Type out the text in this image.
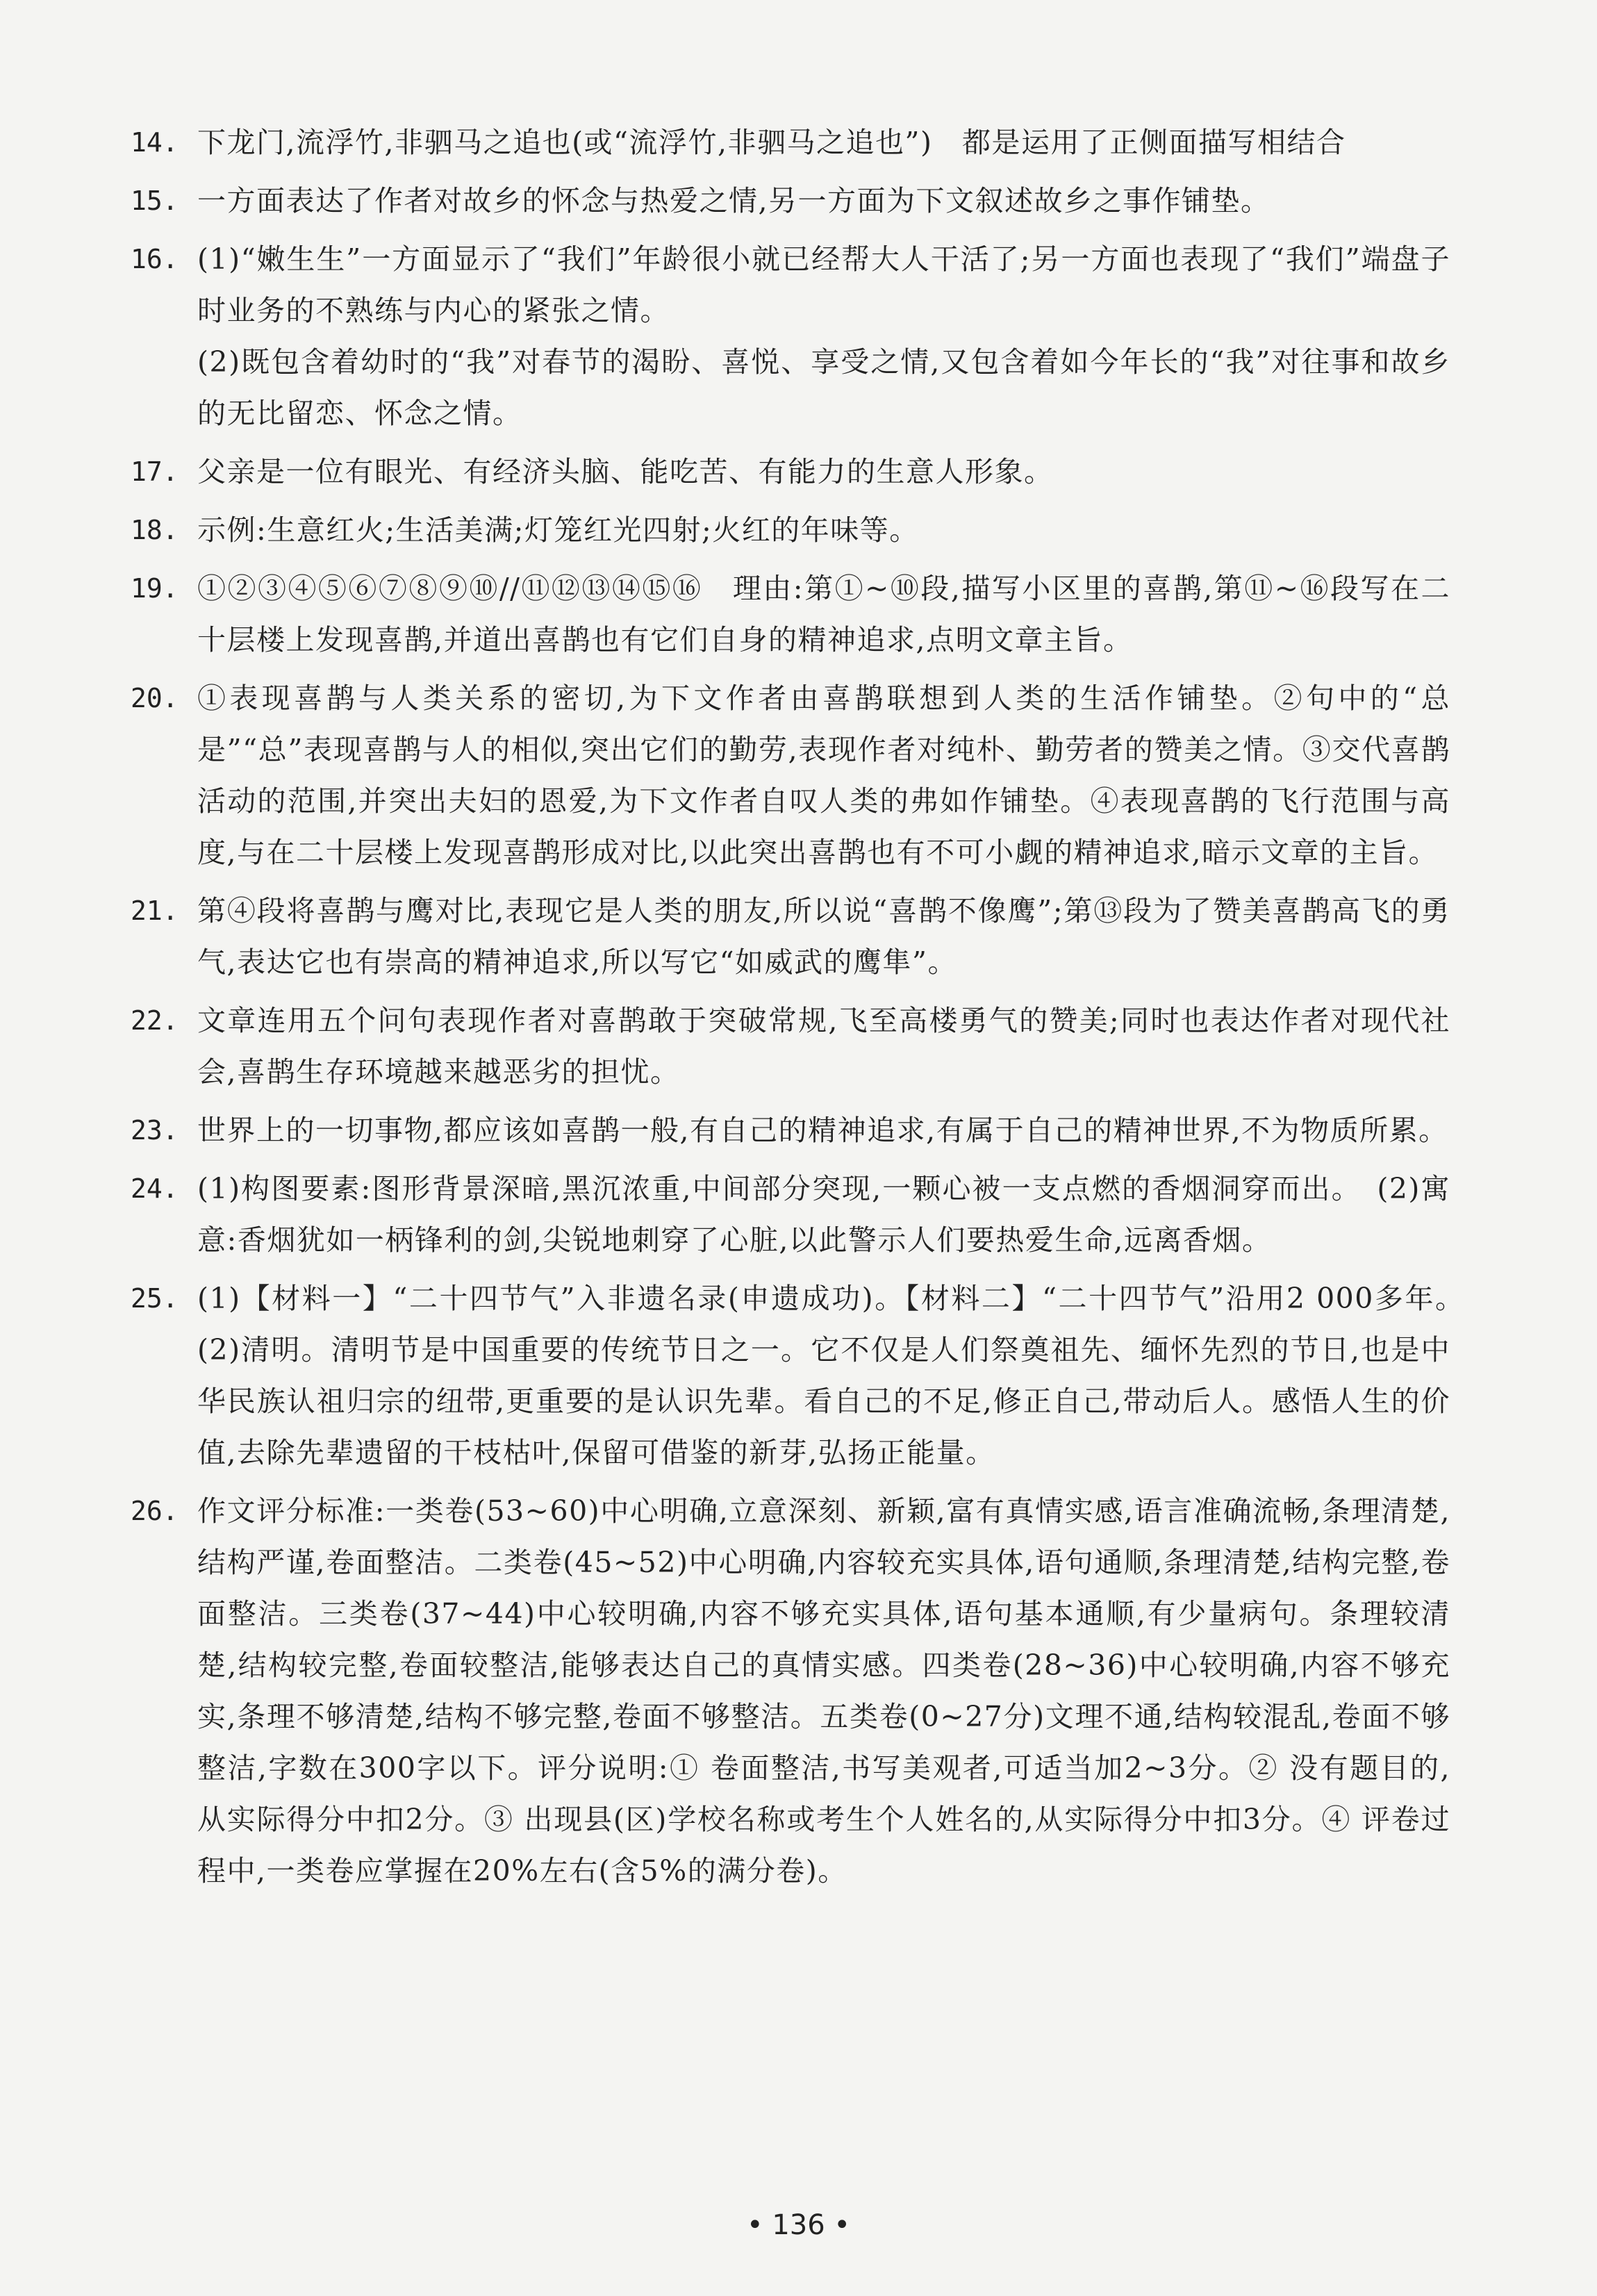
14. 下龙门,流浮竹,非驷马之追也(或“流浮竹,非驷马之追也”)　都是运用了正侧面描写相结合
15. 一方面表达了作者对故乡的怀念与热爱之情,另一方面为下文叙述故乡之事作铺垫。
16. (1)“嫩生生”一方面显示了“我们”年龄很小就已经帮大人干活了;另一方面也表现了“我们”端盘子时业务的不熟练与内心的紧张之情。
(2)既包含着幼时的“我”对春节的渴盼、喜悦、享受之情,又包含着如今年长的“我”对往事和故乡的无比留恋、怀念之情。
17. 父亲是一位有眼光、有经济头脑、能吃苦、有能力的生意人形象。
18. 示例:生意红火;生活美满;灯笼红光四射;火红的年味等。
19. ①②③④⑤⑥⑦⑧⑨⑩//⑪⑫⑬⑭⑮⑯　理由:第①~⑩段,描写小区里的喜鹊,第⑪~⑯段写在二十层楼上发现喜鹊,并道出喜鹊也有它们自身的精神追求,点明文章主旨。
20. ①表现喜鹊与人类关系的密切,为下文作者由喜鹊联想到人类的生活作铺垫。②句中的“总是”“总”表现喜鹊与人的相似,突出它们的勤劳,表现作者对纯朴、勤劳者的赞美之情。③交代喜鹊活动的范围,并突出夫妇的恩爱,为下文作者自叹人类的弗如作铺垫。④表现喜鹊的飞行范围与高度,与在二十层楼上发现喜鹊形成对比,以此突出喜鹊也有不可小觑的精神追求,暗示文章的主旨。
21. 第④段将喜鹊与鹰对比,表现它是人类的朋友,所以说“喜鹊不像鹰”;第⑬段为了赞美喜鹊高飞的勇气,表达它也有崇高的精神追求,所以写它“如威武的鹰隼”。
22. 文章连用五个问句表现作者对喜鹊敢于突破常规,飞至高楼勇气的赞美;同时也表达作者对现代社会,喜鹊生存环境越来越恶劣的担忧。
23. 世界上的一切事物,都应该如喜鹊一般,有自己的精神追求,有属于自己的精神世界,不为物质所累。
24. (1)构图要素:图形背景深暗,黑沉浓重,中间部分突现,一颗心被一支点燃的香烟洞穿而出。　(2)寓意:香烟犹如一柄锋利的剑,尖锐地刺穿了心脏,以此警示人们要热爱生命,远离香烟。
25. (1)【材料一】“二十四节气”入非遗名录(申遗成功)。【材料二】“二十四节气”沿用2 000多年。　(2)清明。清明节是中国重要的传统节日之一。它不仅是人们祭奠祖先、缅怀先烈的节日,也是中华民族认祖归宗的纽带,更重要的是认识先辈。看自己的不足,修正自己,带动后人。感悟人生的价值,去除先辈遗留的干枝枯叶,保留可借鉴的新芽,弘扬正能量。
26. 作文评分标准:一类卷(53~60)中心明确,立意深刻、新颖,富有真情实感,语言准确流畅,条理清楚,结构严谨,卷面整洁。二类卷(45~52)中心明确,内容较充实具体,语句通顺,条理清楚,结构完整,卷面整洁。三类卷(37~44)中心较明确,内容不够充实具体,语句基本通顺,有少量病句。条理较清楚,结构较完整,卷面较整洁,能够表达自己的真情实感。四类卷(28~36)中心较明确,内容不够充实,条理不够清楚,结构不够完整,卷面不够整洁。五类卷(0~27分)文理不通,结构较混乱,卷面不够整洁,字数在300字以下。评分说明:① 卷面整洁,书写美观者,可适当加2~3分。② 没有题目的,从实际得分中扣2分。③ 出现县(区)学校名称或考生个人姓名的,从实际得分中扣3分。④ 评卷过程中,一类卷应掌握在20%左右(含5%的满分卷)。
• 136 •
